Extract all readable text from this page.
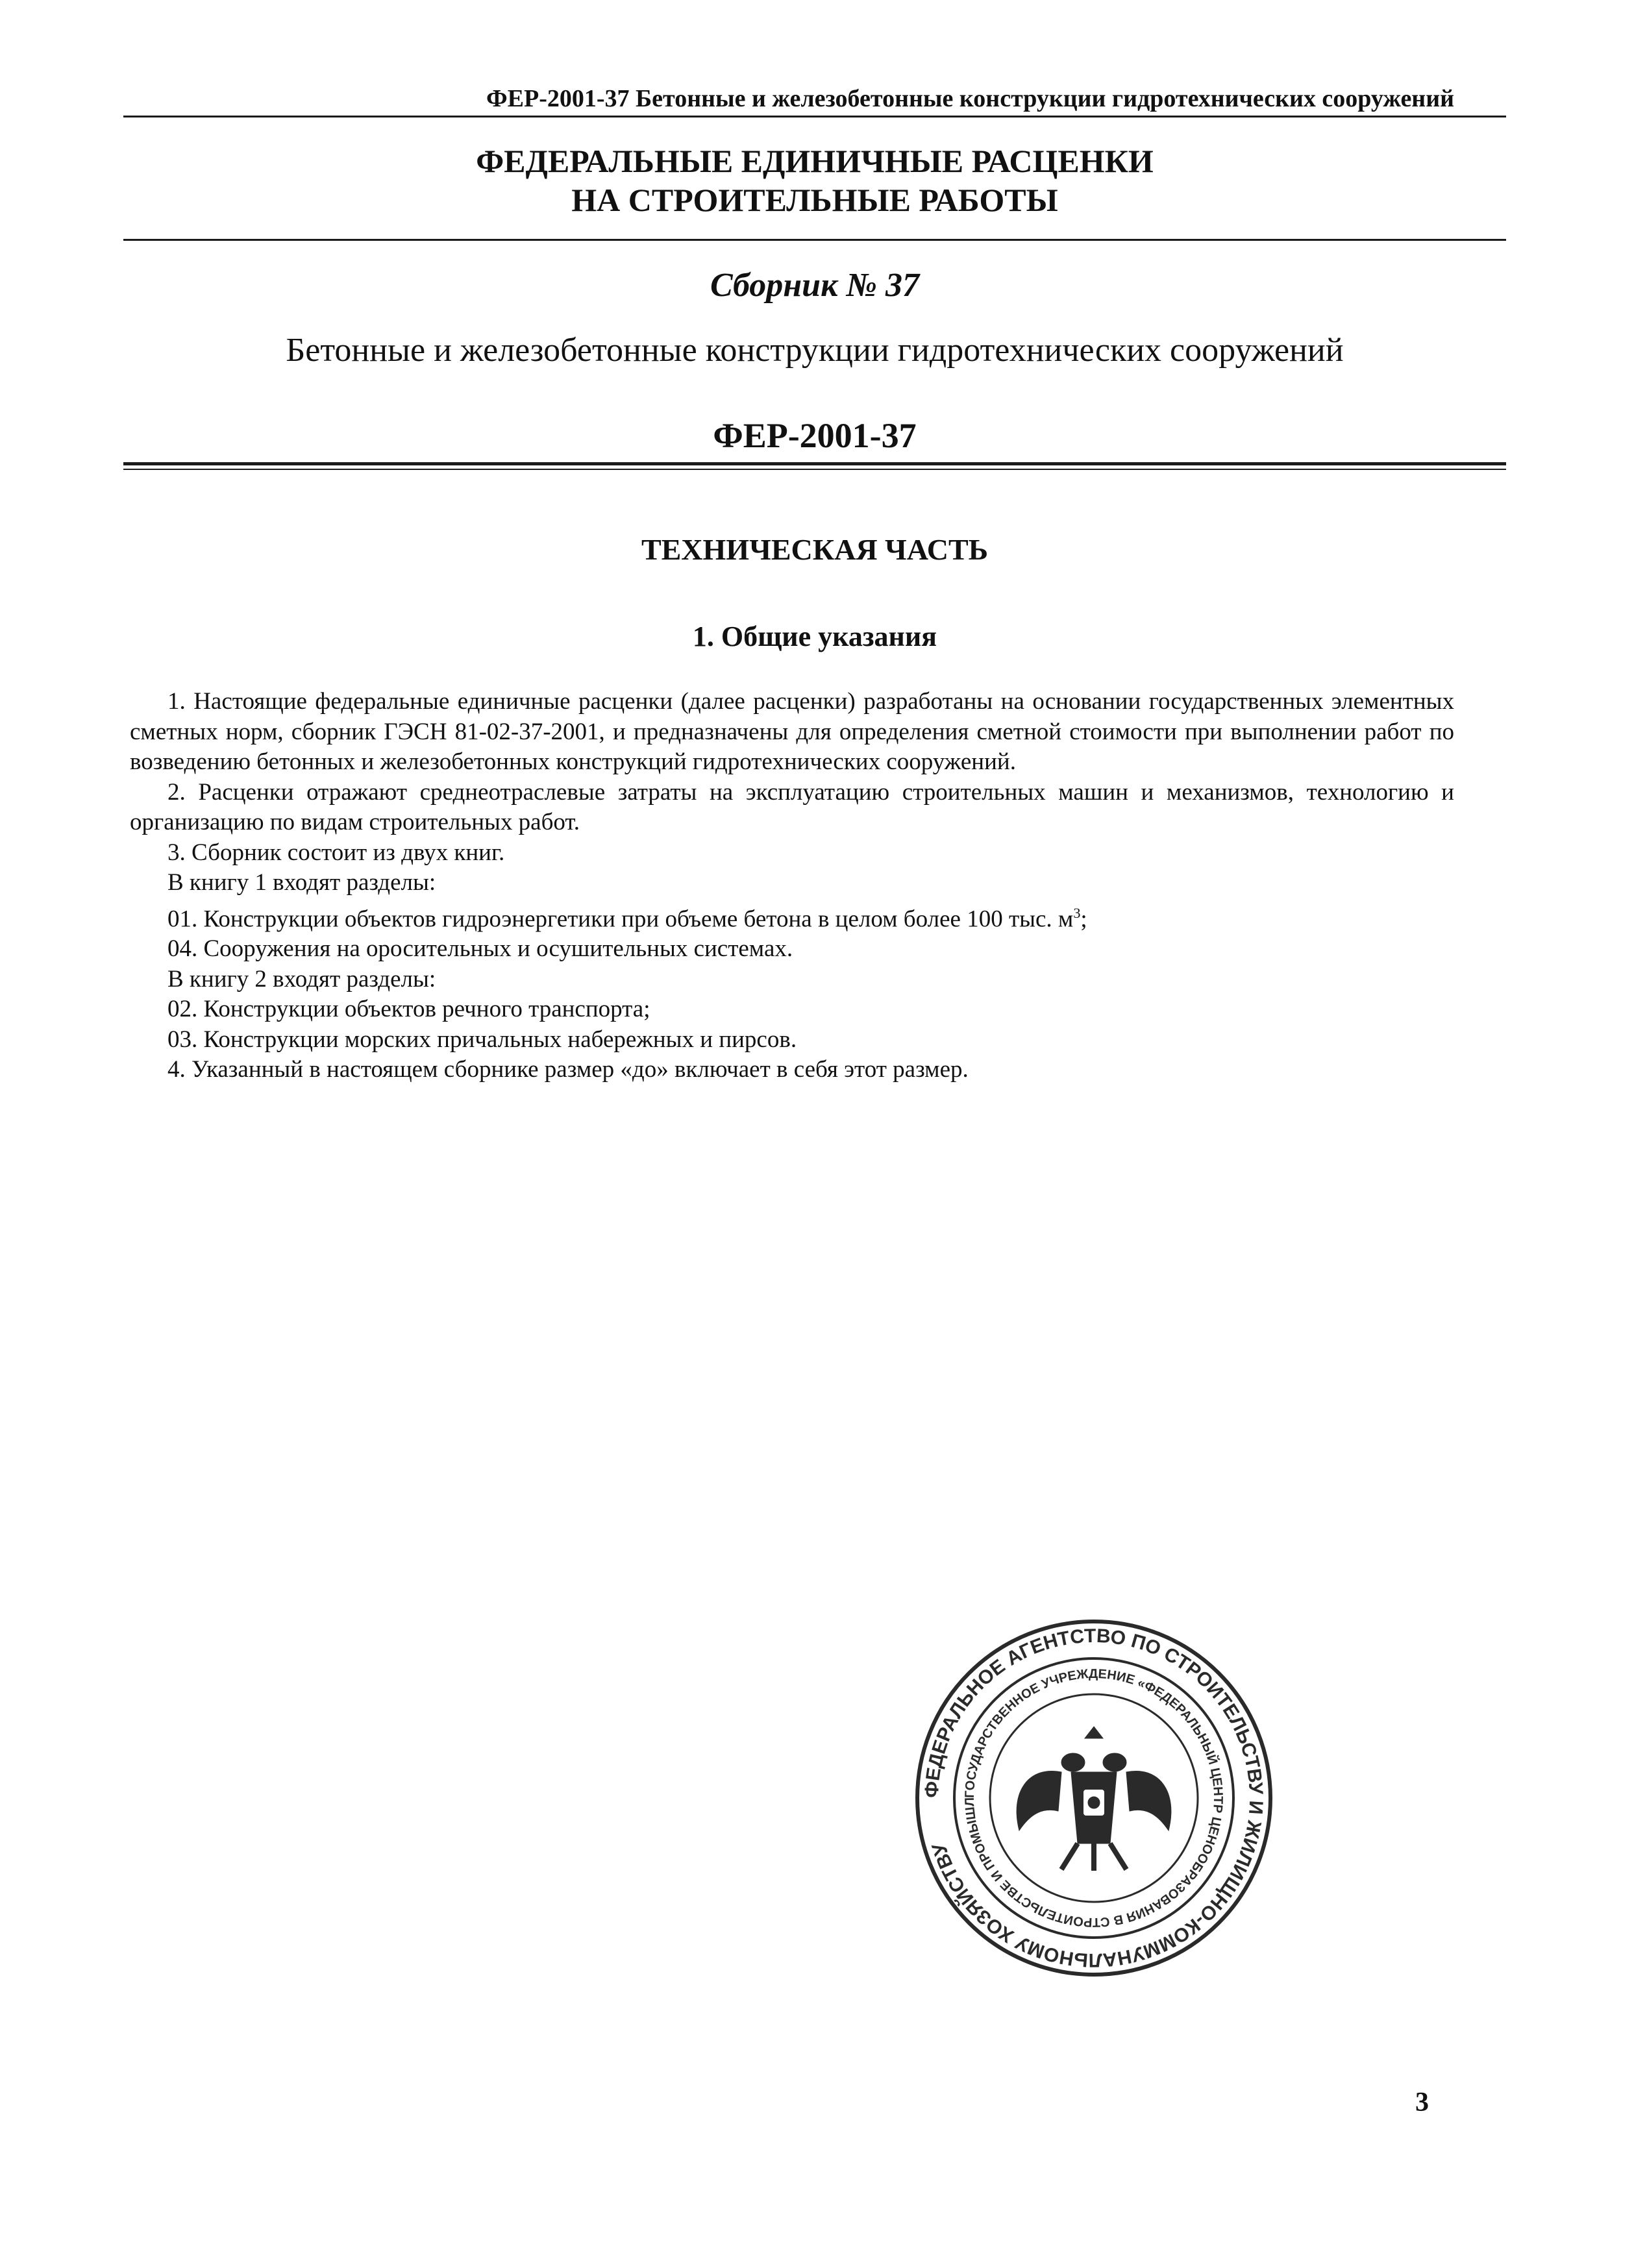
ФЕР-2001-37 Бетонные и железобетонные конструкции гидротехнических сооружений
ФЕДЕРАЛЬНЫЕ ЕДИНИЧНЫЕ РАСЦЕНКИ
НА СТРОИТЕЛЬНЫЕ РАБОТЫ
Сборник № 37
Бетонные и железобетонные конструкции гидротехнических сооружений
ФЕР-2001-37
ТЕХНИЧЕСКАЯ ЧАСТЬ
1. Общие указания

1. Настоящие федеральные единичные расценки (далее расценки) разработаны на основании государственных элементных сметных норм, сборник ГЭСН 81-02-37-2001, и предназначены для определения сметной стоимости при выполнении работ по возведению бетонных и железобетонных конструкций гидротехнических сооружений.

2. Расценки отражают среднеотраслевые затраты на эксплуатацию строительных машин и механизмов, технологию и организацию по видам строительных работ.

3. Сборник состоит из двух книг.

В книгу 1 входят разделы:

01. Конструкции объектов гидроэнергетики при объеме бетона в целом более 100 тыс. $м^3$;

04. Сооружения на оросительных и осушительных системах.

В книгу 2 входят разделы:

02. Конструкции объектов речного транспорта;

03. Конструкции морских причальных набережных и пирсов.

4. Указанный в настоящем сборнике размер «до» включает в себя этот размер.

ФЕДЕРАЛЬНОЕ АГЕНТСТВО ПО СТРОИТЕЛЬСТВУ И ЖИЛИЩНО-КОММУНАЛЬНОМУ ХОЗЯЙСТВУ
ГОСУДАРСТВЕННОЕ УЧРЕЖДЕНИЕ «ФЕДЕРАЛЬНЫЙ ЦЕНТР ЦЕНООБРАЗОВАНИЯ В СТРОИТЕЛЬСТВЕ И ПРОМЫШЛ
3
